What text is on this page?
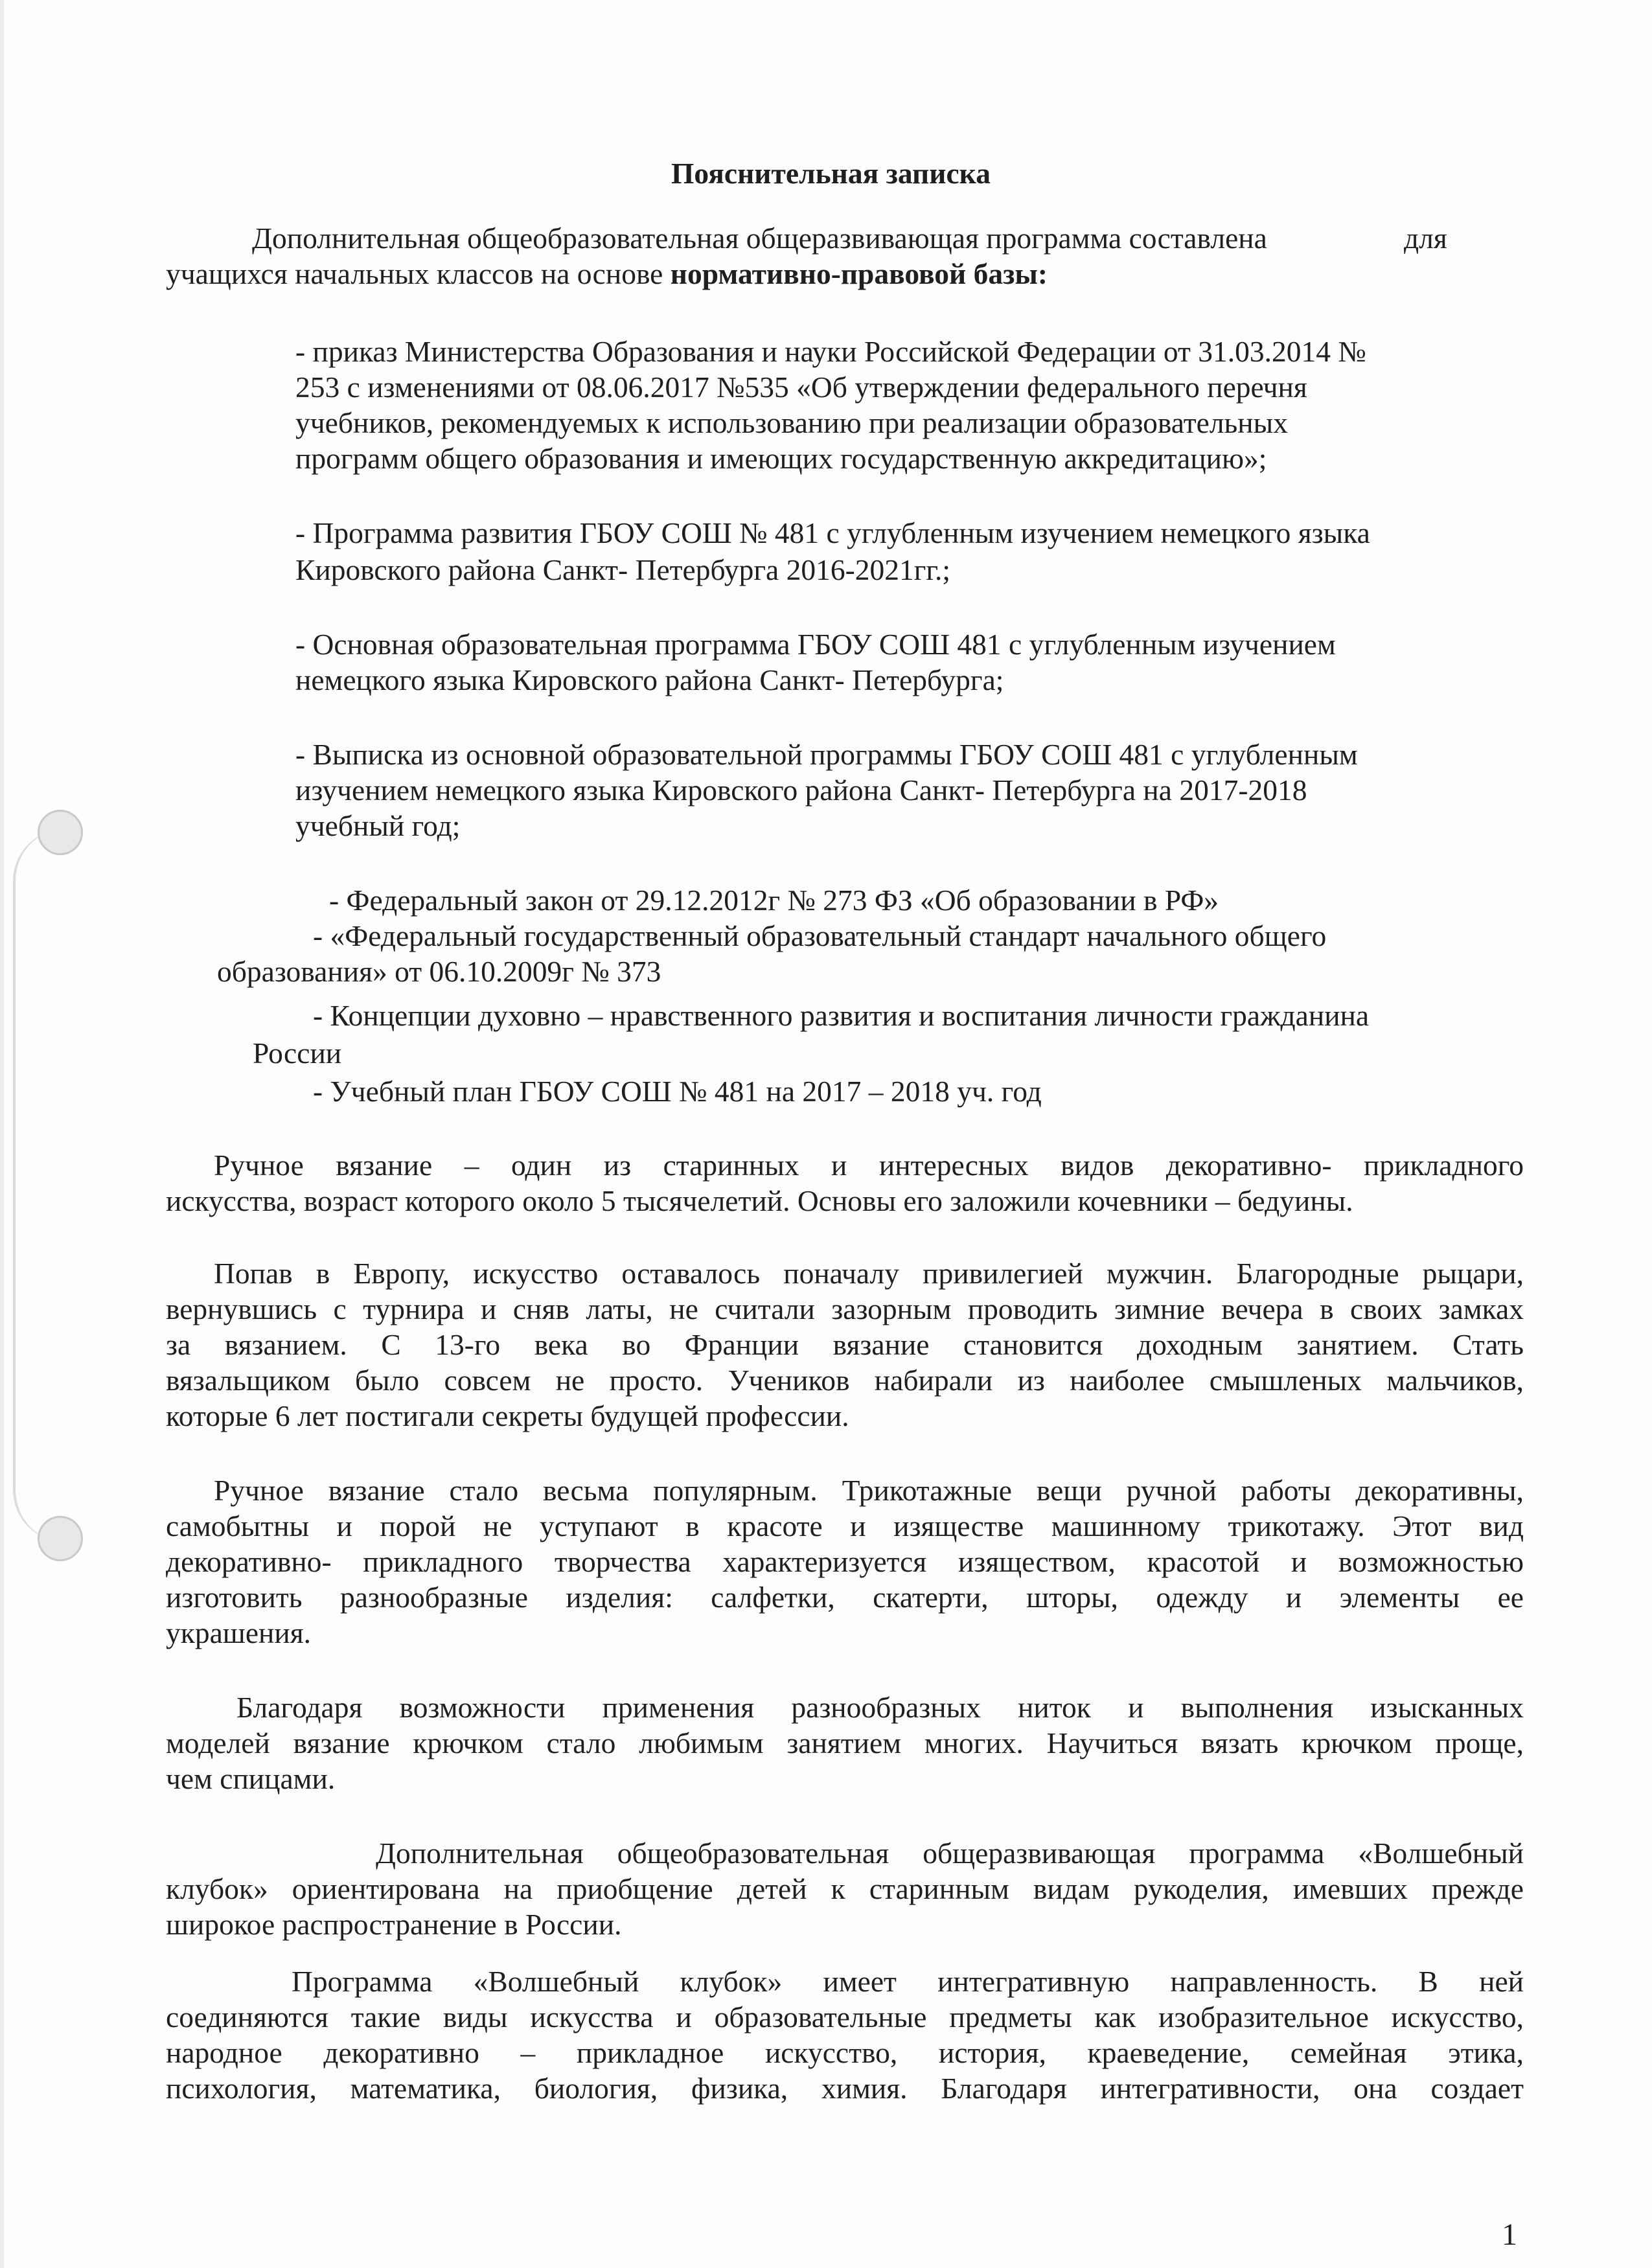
Пояснительная записка

Дополнительная общеобразовательная общеразвивающая программа составлена	для

учащихся начальных классов на основе нормативно-правовой базы:

- приказ Министерства Образования и науки Российской Федерации от 31.03.2014 №

253 с изменениями от 08.06.2017 №535 «Об утверждении федерального перечня

учебников, рекомендуемых к использованию при реализации образовательных

программ общего образования и имеющих государственную аккредитацию»;

- Программа развития ГБОУ СОШ № 481 с углубленным изучением немецкого языка

Кировского района Санкт- Петербурга 2016-2021гг.;

- Основная образовательная программа ГБОУ СОШ 481 с углубленным изучением

немецкого языка Кировского района Санкт- Петербурга;

- Выписка из основной образовательной программы ГБОУ СОШ 481 с углубленным

изучением немецкого языка Кировского района Санкт- Петербурга на 2017-2018

учебный год;

- Федеральный закон от 29.12.2012г № 273 ФЗ «Об образовании в РФ»

- «Федеральный государственный образовательный стандарт начального общего

образования» от 06.10.2009г № 373

- Концепции духовно – нравственного развития и воспитания личности гражданина

России

- Учебный план ГБОУ СОШ № 481 на 2017 – 2018 уч. год

Ручное вязание – один из старинных и интересных видов декоративно- прикладного

искусства, возраст которого около 5 тысячелетий. Основы его заложили кочевники – бедуины.

Попав в Европу, искусство оставалось поначалу привилегией мужчин. Благородные рыцари,

вернувшись с турнира и сняв латы, не считали зазорным проводить зимние вечера в своих замках

за вязанием. С 13-го века во Франции вязание становится доходным занятием. Стать

вязальщиком было совсем не просто. Учеников набирали из наиболее смышленых мальчиков,

которые 6 лет постигали секреты будущей профессии.

Ручное вязание стало весьма популярным. Трикотажные вещи ручной работы декоративны,

самобытны и порой не уступают в красоте и изяществе машинному трикотажу. Этот вид

декоративно- прикладного творчества характеризуется изяществом, красотой и возможностью

изготовить разнообразные изделия: салфетки, скатерти, шторы, одежду и элементы ее

украшения.

Благодаря возможности применения разнообразных ниток и выполнения изысканных

моделей вязание крючком стало любимым занятием многих. Научиться вязать крючком проще,

чем спицами.

Дополнительная общеобразовательная общеразвивающая программа «Волшебный

клубок» ориентирована на приобщение детей к старинным видам рукоделия, имевших прежде

широкое распространение в России.

Программа «Волшебный клубок» имеет интегративную направленность. В ней

соединяются такие виды искусства и образовательные предметы как изобразительное искусство,

народное декоративно – прикладное искусство, история, краеведение, семейная этика,

психология, математика, биология, физика, химия. Благодаря интегративности, она создает

1
